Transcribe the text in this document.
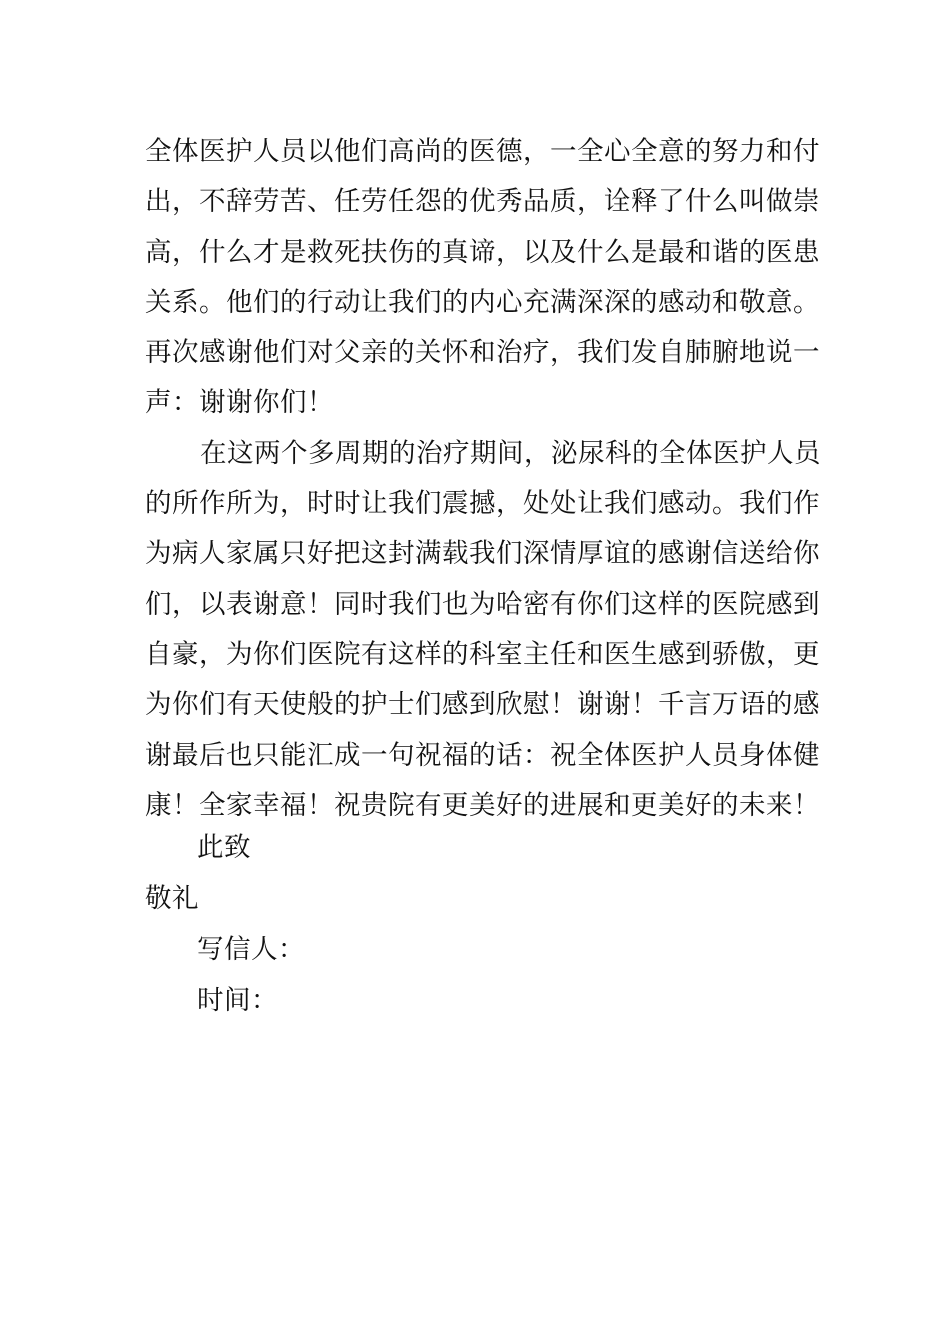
全体医护人员以他们高尚的医德，一全心全意的努力和付
出，不辞劳苦、任劳任怨的优秀品质，诠释了什么叫做崇
高，什么才是救死扶伤的真谛，以及什么是最和谐的医患
关系。他们的行动让我们的内心充满深深的感动和敬意。
再次感谢他们对父亲的关怀和治疗，我们发自肺腑地说一
声：谢谢你们！
在这两个多周期的治疗期间，泌尿科的全体医护人员
的所作所为，时时让我们震撼，处处让我们感动。我们作
为病人家属只好把这封满载我们深情厚谊的感谢信送给你
们，以表谢意！同时我们也为哈密有你们这样的医院感到
自豪，为你们医院有这样的科室主任和医生感到骄傲，更
为你们有天使般的护士们感到欣慰！谢谢！千言万语的感
谢最后也只能汇成一句祝福的话：祝全体医护人员身体健
康！全家幸福！祝贵院有更美好的进展和更美好的未来！
此致
敬礼
写信人：
时间：
